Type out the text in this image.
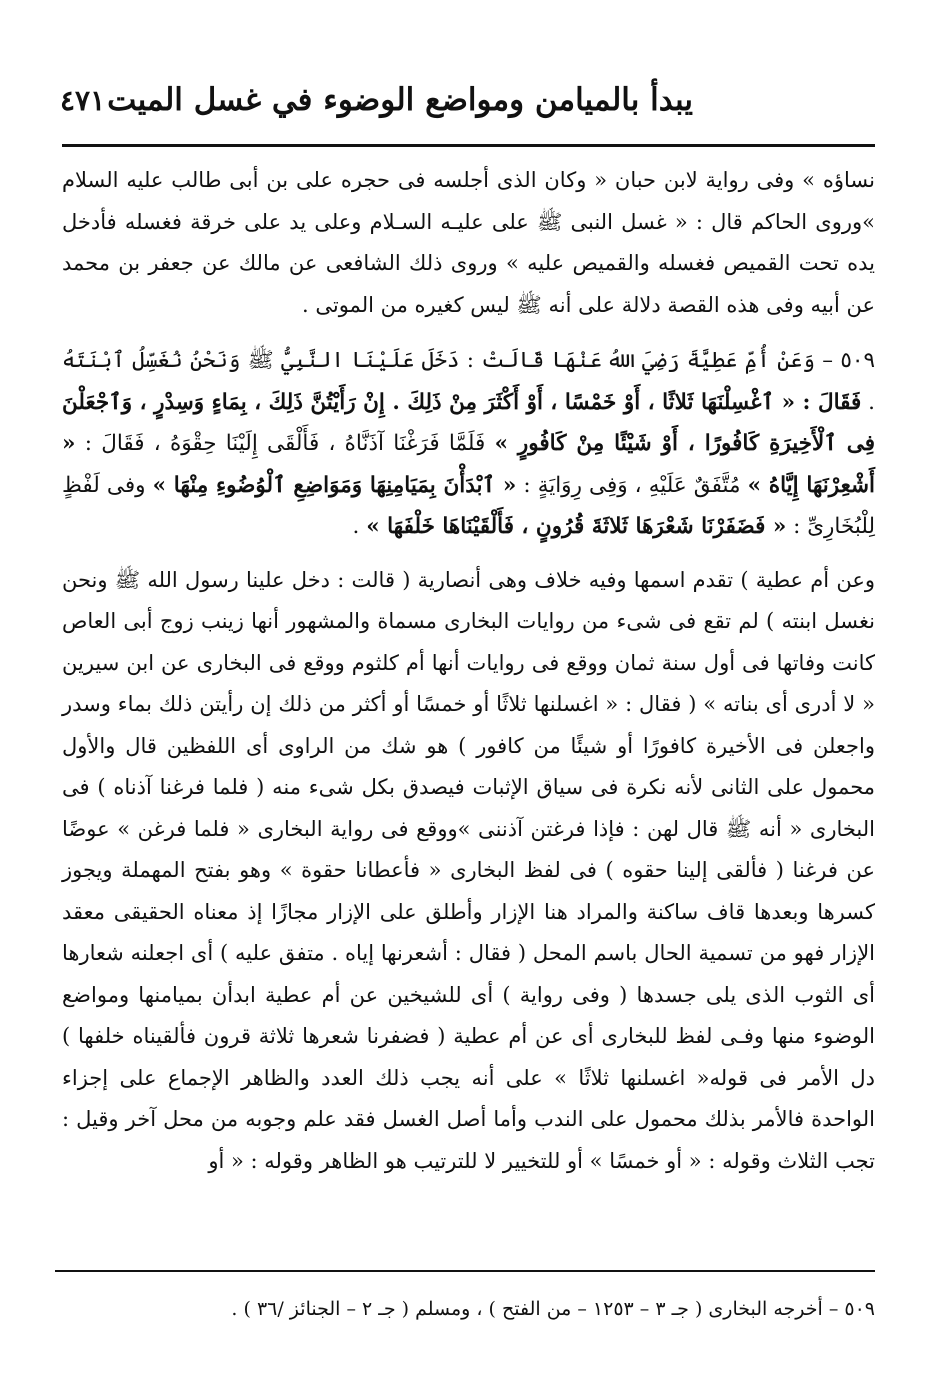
يبدأ بالميامن ومواضع الوضوء في غسل الميت
٤٧١

نساؤه » وفى رواية لابن حبان « وكان الذى أجلسه فى حجره على بن أبى طالب عليه السلام »وروى الحاكم قال : « غسل النبى ﷺ على عليـه السـلام وعلى يد على خرقة فغسله فأدخل يده تحت القميص فغسله والقميص عليه » وروى ذلك الشافعى عن مالك عن جعفر بن محمد عن أبيه وفى هذه القصة دلالة على أنه ﷺ ليس كغيره من الموتى .

٥٠٩ – وَعَنْ أُمِّ عَطِيَّةَ رَضِيَ اللهُ عَنْهَا قَالَتْ : دَخَلَ عَلَيْنَا النَّبِيُّ ﷺ وَنَحْنُ نُغَسِّلُ ٱبْنَتَهُ . فَقَالَ : « ٱغْسِلْنَهَا ثَلاثًا ، أَوْ خَمْسًا ، أَوْ أَكْثَرَ مِنْ ذَلِكَ . إِنْ رَأَيْتُنَّ ذَلِكَ ، بِمَاءٍ وَسِدْرٍ ، وَٱجْعَلْنَ فِى ٱلْأَخِيرَةِ كَافُورًا ، أَوْ شَيْئًا مِنْ كَافُورٍ » فَلَمَّا فَرَغْنَا آذَنَّاهُ ، فَأَلْقَى إِلَيْنَا حِقْوَهُ ، فَقَالَ : « أَشْعِرْنَهَا إِيَّاهُ » مُتَّفَقٌ عَلَيْهِ ، وَفِى رِوَايَةٍ : « ٱبْدَأْنَ بِمَيَامِنِهَا وَمَوَاضِعِ ٱلْوُضُوءِ مِنْهَا » وفى لَفْظٍ لِلْبُخَارِىِّ : « فَضَفَرْنَا شَعْرَهَا ثَلاثَةَ قُرُونٍ ، فَأَلْقَيْنَاهَا خَلْفَهَا » .

وعن أم عطية ) تقدم اسمها وفيه خلاف وهى أنصارية ( قالت : دخل علينا رسول الله ﷺ ونحن نغسل ابنته ) لم تقع فى شىء من روايات البخارى مسماة والمشهور أنها زينب زوج أبى العاص كانت وفاتها فى أول سنة ثمان ووقع فى روايات أنها أم كلثوم ووقع فى البخارى عن ابن سيرين « لا أدرى أى بناته » ( فقال : « اغسلنها ثلاثًا أو خمسًا أو أكثر من ذلك إن رأيتن ذلك بماء وسدر واجعلن فى الأخيرة كافورًا أو شيئًا من كافور ) هو شك من الراوى أى اللفظين قال والأول محمول على الثانى لأنه نكرة فى سياق الإثبات فيصدق بكل شىء منه ( فلما فرغنا آذناه ) فى البخارى « أنه ﷺ قال لهن : فإذا فرغتن آذننى »ووقع فى رواية البخارى « فلما فرغن » عوضًا عن فرغنا ( فألقى إلينا حقوه ) فى لفظ البخارى « فأعطانا حقوة » وهو بفتح المهملة ويجوز كسرها وبعدها قاف ساكنة والمراد هنا الإزار وأطلق على الإزار مجازًا إذ معناه الحقيقى معقد الإزار فهو من تسمية الحال باسم المحل ( فقال : أشعرنها إياه . متفق عليه ) أى اجعلنه شعارها أى الثوب الذى يلى جسدها ( وفى رواية ) أى للشيخين عن أم عطية ابدأن بميامنها ومواضع الوضوء منها وفـى لفظ للبخارى أى عن أم عطية ( فضفرنا شعرها ثلاثة قرون فألقيناه خلفها ) دل الأمر فى قوله« اغسلنها ثلاثًا » على أنه يجب ذلك العدد والظاهر الإجماع على إجزاء الواحدة فالأمر بذلك محمول على الندب وأما أصل الغسل فقد علم وجوبه من محل آخر وقيل : تجب الثلاث وقوله : « أو خمسًا » أو للتخيير لا للترتيب هو الظاهر وقوله : « أو

٥٠٩ – أخرجه البخارى ( جـ ٣ – ١٢٥٣ – من الفتح ) ، ومسلم ( جـ ٢ – الجنائز /٣٦ ) .
